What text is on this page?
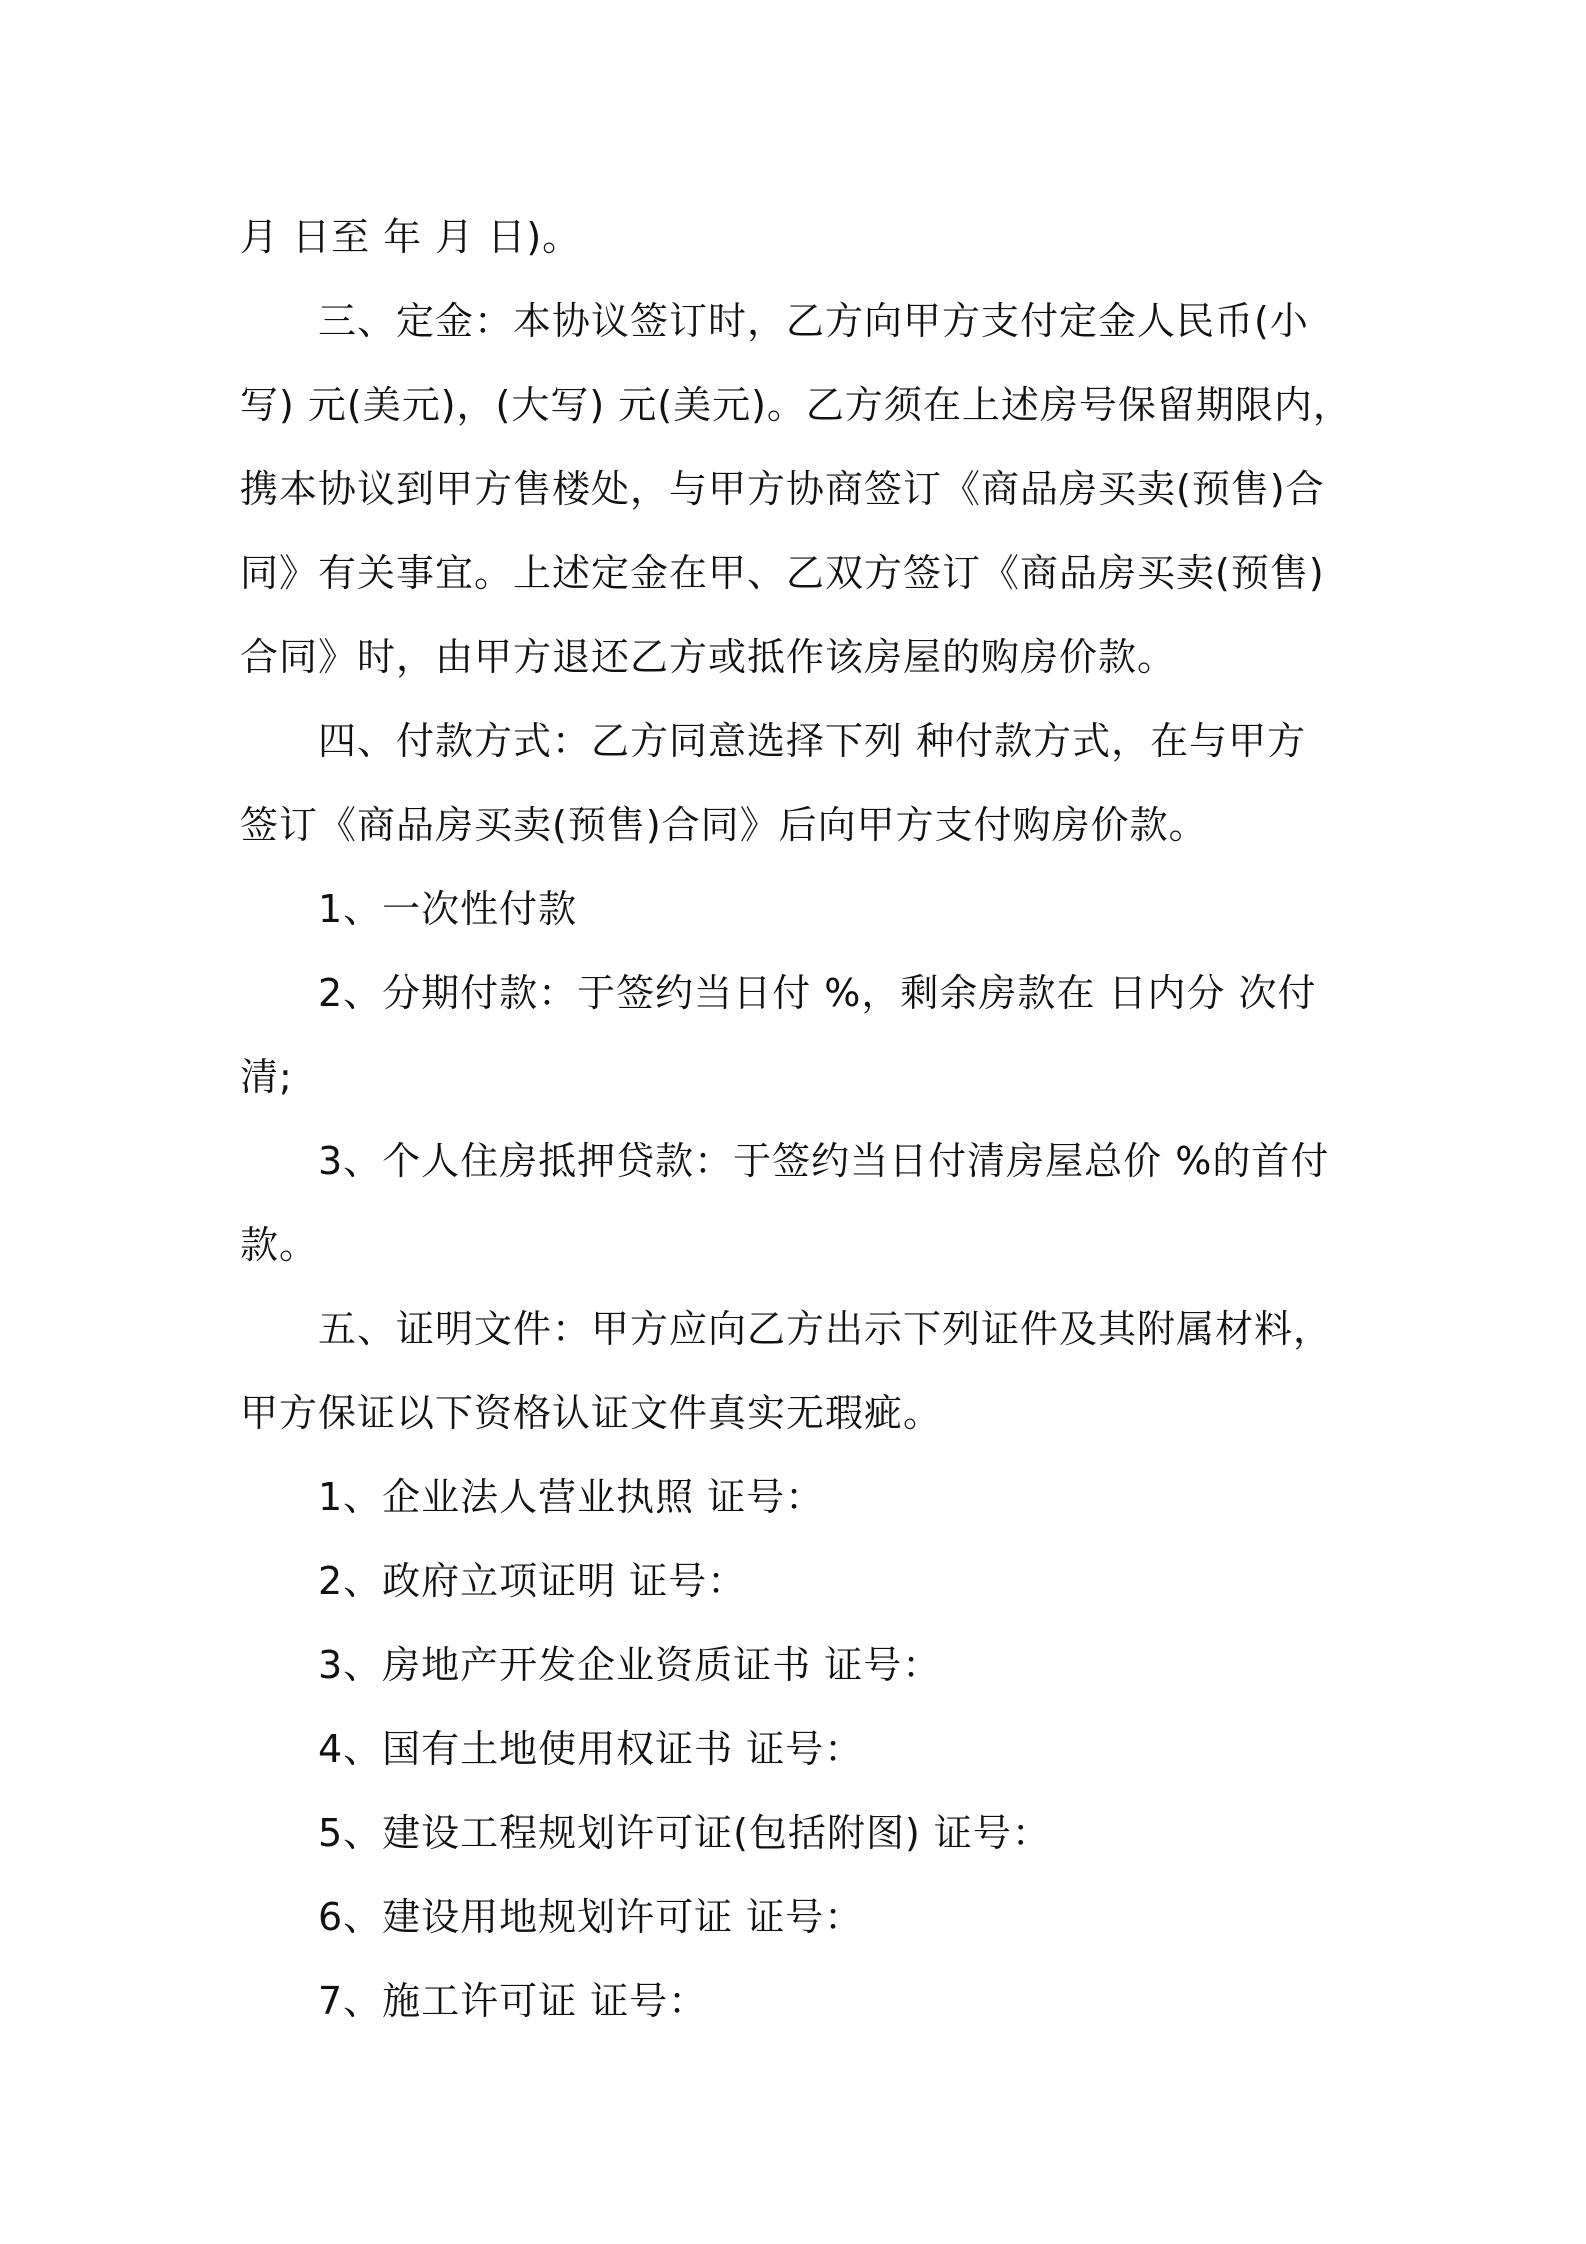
月 日至 年 月 日)。
三、定金：本协议签订时，乙方向甲方支付定金人民币(小
写) 元(美元)，(大写) 元(美元)。乙方须在上述房号保留期限内，
携本协议到甲方售楼处，与甲方协商签订《商品房买卖(预售)合
同》有关事宜。上述定金在甲、乙双方签订《商品房买卖(预售)
合同》时，由甲方退还乙方或抵作该房屋的购房价款。
四、付款方式：乙方同意选择下列 种付款方式，在与甲方
签订《商品房买卖(预售)合同》后向甲方支付购房价款。
1、一次性付款
2、分期付款：于签约当日付 %，剩余房款在 日内分 次付
清;
3、个人住房抵押贷款：于签约当日付清房屋总价 %的首付
款。
五、证明文件：甲方应向乙方出示下列证件及其附属材料，
甲方保证以下资格认证文件真实无瑕疵。
1、企业法人营业执照 证号：
2、政府立项证明 证号：
3、房地产开发企业资质证书 证号：
4、国有土地使用权证书 证号：
5、建设工程规划许可证(包括附图) 证号：
6、建设用地规划许可证 证号：
7、施工许可证 证号：
